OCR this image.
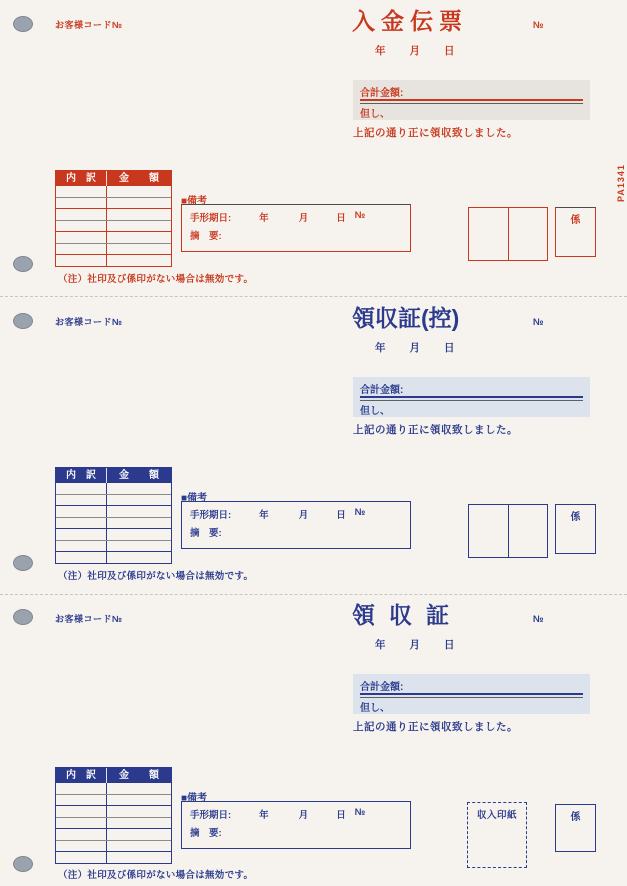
お客様コード№	入金伝票	№
年 月 日
合計金額:
但し、
上記の通り正に領収致しました。
内　訳	金　　額
■備考
手形期日:	年	月	日 №
摘　要:
係
（注）社印及び係印がない場合は無効です。
PA1341
お客様コード№	領収証(控)	№
年 月 日
合計金額:
但し、
上記の通り正に領収致しました。
内　訳	金　　額
■備考
手形期日:	年	月	日 №
摘　要:
係
（注）社印及び係印がない場合は無効です。
お客様コード№	領収証	№
年 月 日
合計金額:
但し、
上記の通り正に領収致しました。
内　訳	金　　額
■備考
手形期日:	年	月	日 №
摘　要:
収入印紙	係
（注）社印及び係印がない場合は無効です。
